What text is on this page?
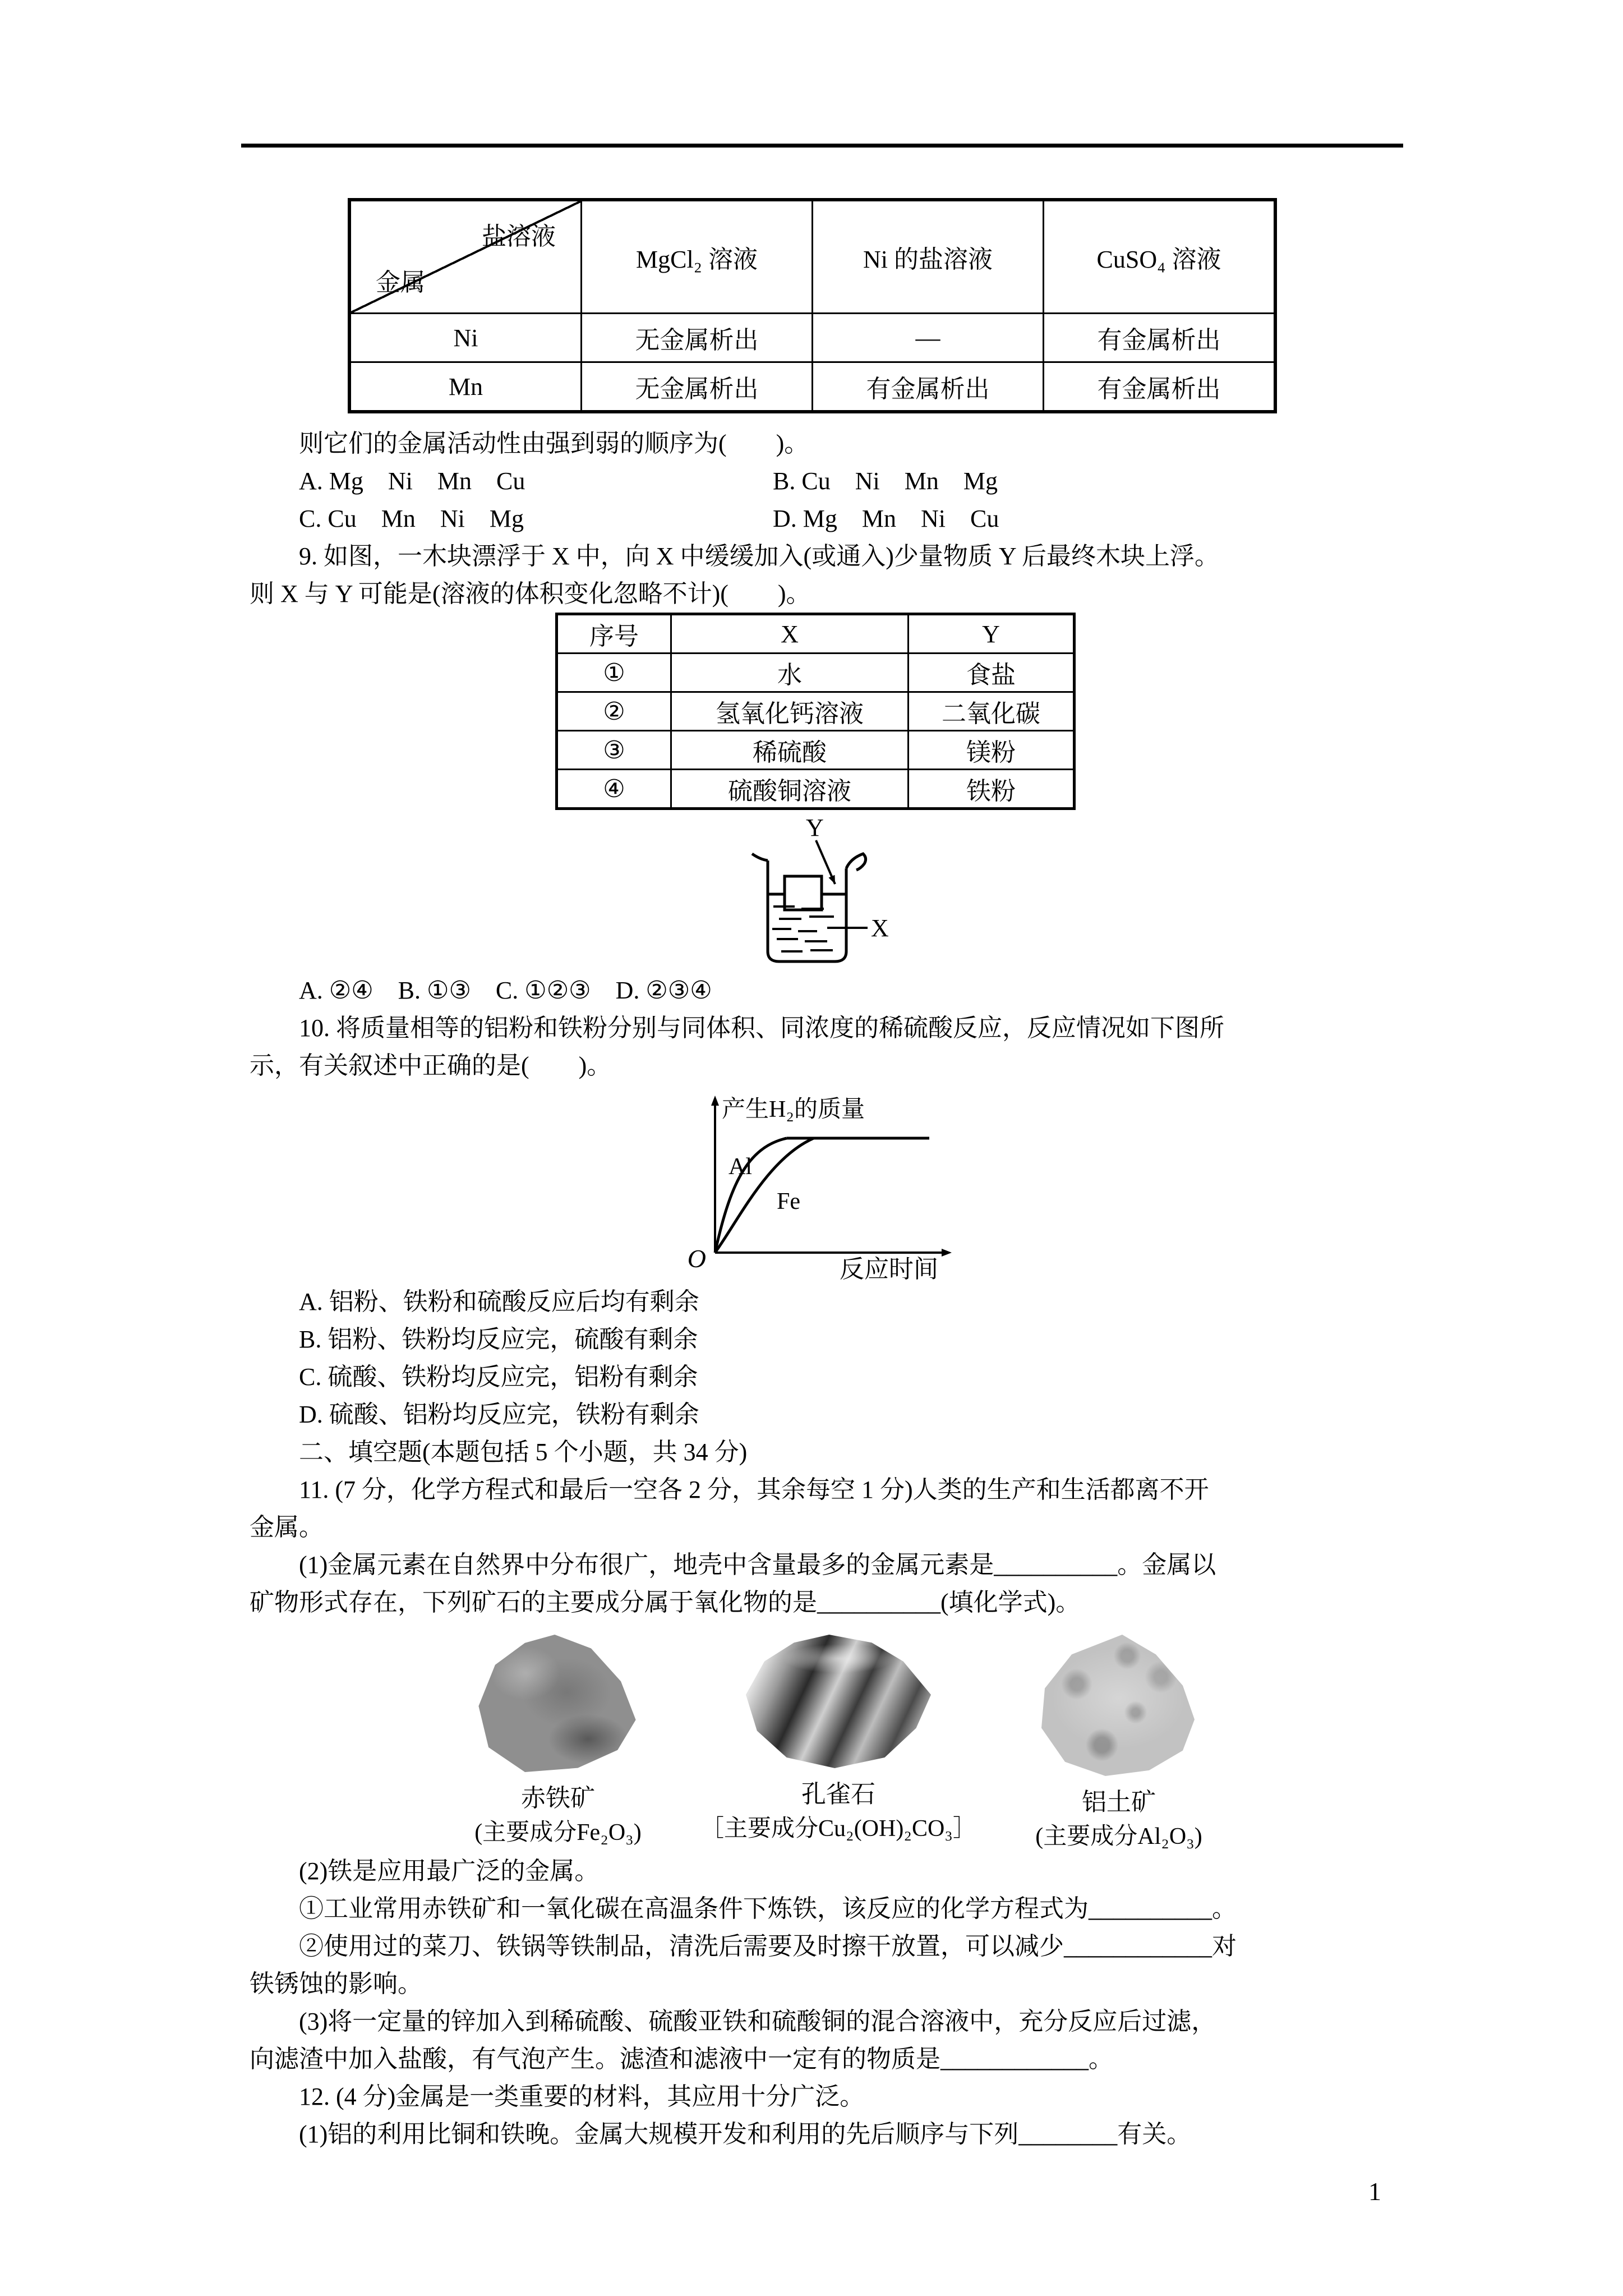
盐溶液
金属	MgCl₂ 溶液	Ni 的盐溶液	CuSO₄ 溶液
Ni	无金属析出	—	有金属析出
Mn	无金属析出	有金属析出	有金属析出

则它们的金属活动性由强到弱的顺序为(　　)。

A. Mg　Ni　Mn　Cu	B. Cu　Ni　Mn　Mg

C. Cu　Mn　Ni　Mg	D. Mg　Mn　Ni　Cu

9. 如图，一木块漂浮于 X 中，向 X 中缓缓加入(或通入)少量物质 Y 后最终木块上浮。

则 X 与 Y 可能是(溶液的体积变化忽略不计)(　　)。

序号	X	Y
①	水	食盐
②	氢氧化钙溶液	二氧化碳
③	稀硫酸	镁粉
④	硫酸铜溶液	铁粉
Y
X

A. ②④　B. ①③　C. ①②③　D. ②③④

10. 将质量相等的铝粉和铁粉分别与同体积、同浓度的稀硫酸反应，反应情况如下图所

示，有关叙述中正确的是(　　)。

产生H₂的质量
Al
Fe
O	反应时间

A. 铝粉、铁粉和硫酸反应后均有剩余

B. 铝粉、铁粉均反应完，硫酸有剩余

C. 硫酸、铁粉均反应完，铝粉有剩余

D. 硫酸、铝粉均反应完，铁粉有剩余

二、填空题(本题包括 5 个小题，共 34 分)

11. (7 分，化学方程式和最后一空各 2 分，其余每空 1 分)人类的生产和生活都离不开

金属。

(1)金属元素在自然界中分布很广，地壳中含量最多的金属元素是__________。金属以

矿物形式存在，下列矿石的主要成分属于氧化物的是__________(填化学式)。

赤铁矿

(主要成分Fe₂O₃)

孔雀石

［主要成分Cu₂(OH)₂CO₃］

铝土矿

(主要成分Al₂O₃)

(2)铁是应用最广泛的金属。

①工业常用赤铁矿和一氧化碳在高温条件下炼铁，该反应的化学方程式为__________。

②使用过的菜刀、铁锅等铁制品，清洗后需要及时擦干放置，可以减少____________对

铁锈蚀的影响。

(3)将一定量的锌加入到稀硫酸、硫酸亚铁和硫酸铜的混合溶液中，充分反应后过滤，

向滤渣中加入盐酸，有气泡产生。滤渣和滤液中一定有的物质是____________。

12. (4 分)金属是一类重要的材料，其应用十分广泛。

(1)铝的利用比铜和铁晚。金属大规模开发和利用的先后顺序与下列________有关。

1
